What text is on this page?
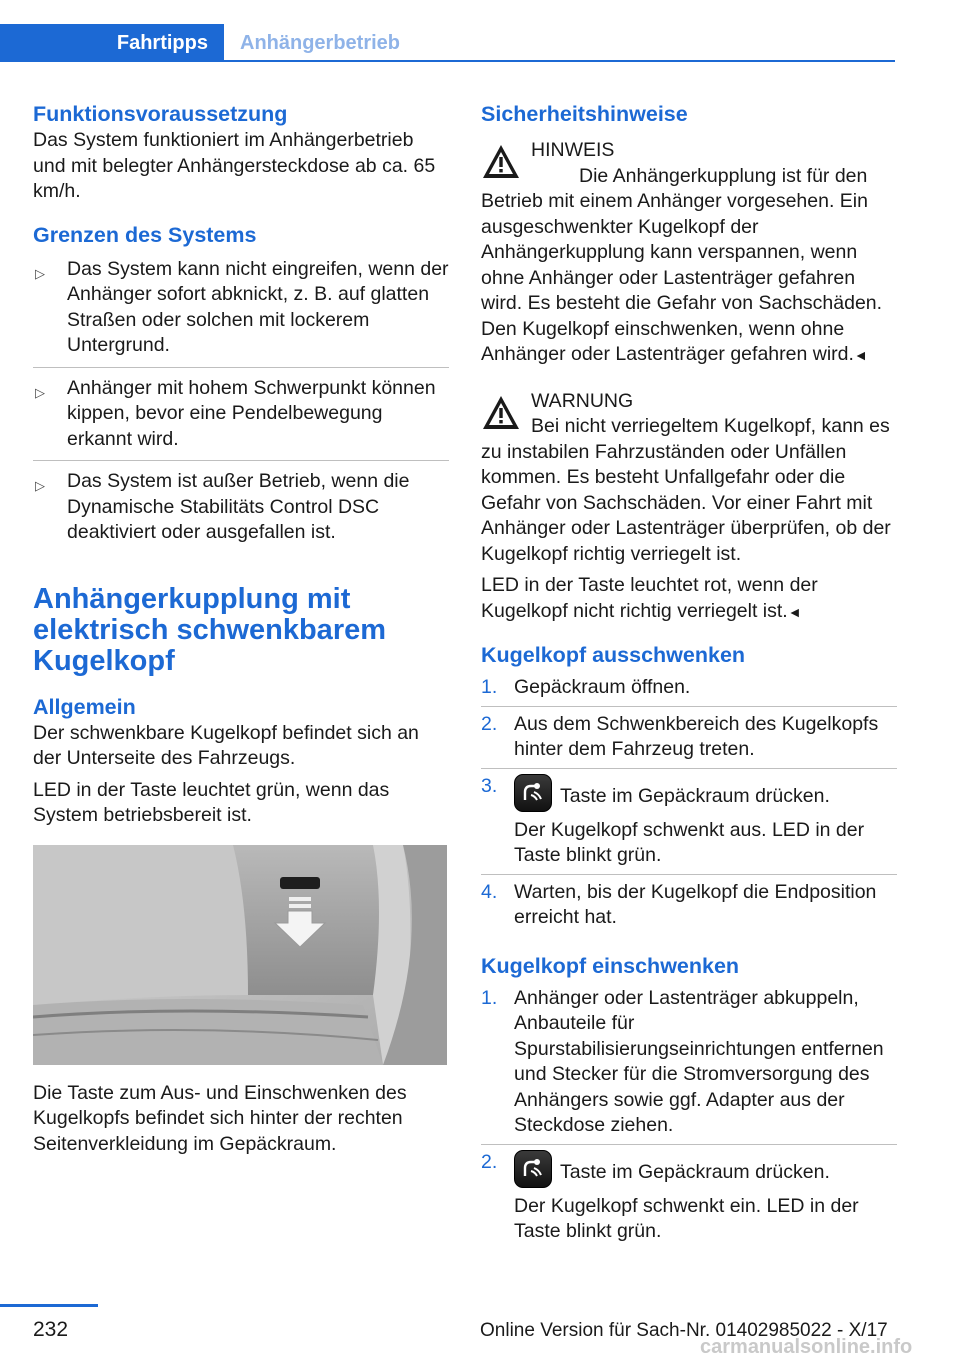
Fahrtipps	Anhängerbetrieb
Funktionsvoraussetzung

Das System funktioniert im Anhängerbetrieb und mit belegter Anhängersteckdose ab ca. 65 km/h.

Grenzen des Systems
▷ Das System kann nicht eingreifen, wenn der Anhänger sofort abknickt, z. B. auf glatten Straßen oder solchen mit lockerem Untergrund.
▷ Anhänger mit hohem Schwerpunkt können kippen, bevor eine Pendelbewegung erkannt wird.
▷ Das System ist außer Betrieb, wenn die Dynamische Stabilitäts Control DSC deaktiviert oder ausgefallen ist.
Anhängerkupplung mit elektrisch schwenkbarem Kugelkopf
Allgemein

Der schwenkbare Kugelkopf befindet sich an der Unterseite des Fahrzeugs.

LED in der Taste leuchtet grün, wenn das System betriebsbereit ist.

Die Taste zum Aus- und Einschwenken des Kugelkopfs befindet sich hinter der rechten Seitenverkleidung im Gepäckraum.

Sicherheitshinweise
HINWEIS

Die Anhängerkupplung ist für den Betrieb mit einem Anhänger vorgesehen. Ein ausgeschwenkter Kugelkopf der Anhängerkupplung kann verspannen, wenn ohne Anhänger oder Lastenträger gefahren wird. Es besteht die Gefahr von Sachschäden. Den Kugelkopf einschwenken, wenn ohne Anhänger oder Lastenträger gefahren wird.◄

WARNUNG

Bei nicht verriegeltem Kugelkopf, kann es zu instabilen Fahrzuständen oder Unfällen kommen. Es besteht Unfallgefahr oder die Gefahr von Sachschäden. Vor einer Fahrt mit Anhänger oder Lastenträger überprüfen, ob der Kugelkopf richtig verriegelt ist.

LED in der Taste leuchtet rot, wenn der Kugelkopf nicht richtig verriegelt ist.◄

Kugelkopf ausschwenken
1. Gepäckraum öffnen.
2. Aus dem Schwenkbereich des Kugelkopfs hinter dem Fahrzeug treten.
3.	Taste im Gepäckraum drücken.
Der Kugelkopf schwenkt aus. LED in der Taste blinkt grün.
4. Warten, bis der Kugelkopf die Endposition erreicht hat.
Kugelkopf einschwenken
1. Anhänger oder Lastenträger abkuppeln, Anbauteile für Spurstabilisierungseinrichtungen entfernen und Stecker für die Stromversorgung des Anhängers sowie ggf. Adapter aus der Steckdose ziehen.
2.	Taste im Gepäckraum drücken.
Der Kugelkopf schwenkt ein. LED in der Taste blinkt grün.
232	Online Version für Sach-Nr. 01402985022 - X/17
carmanualsonline.info
